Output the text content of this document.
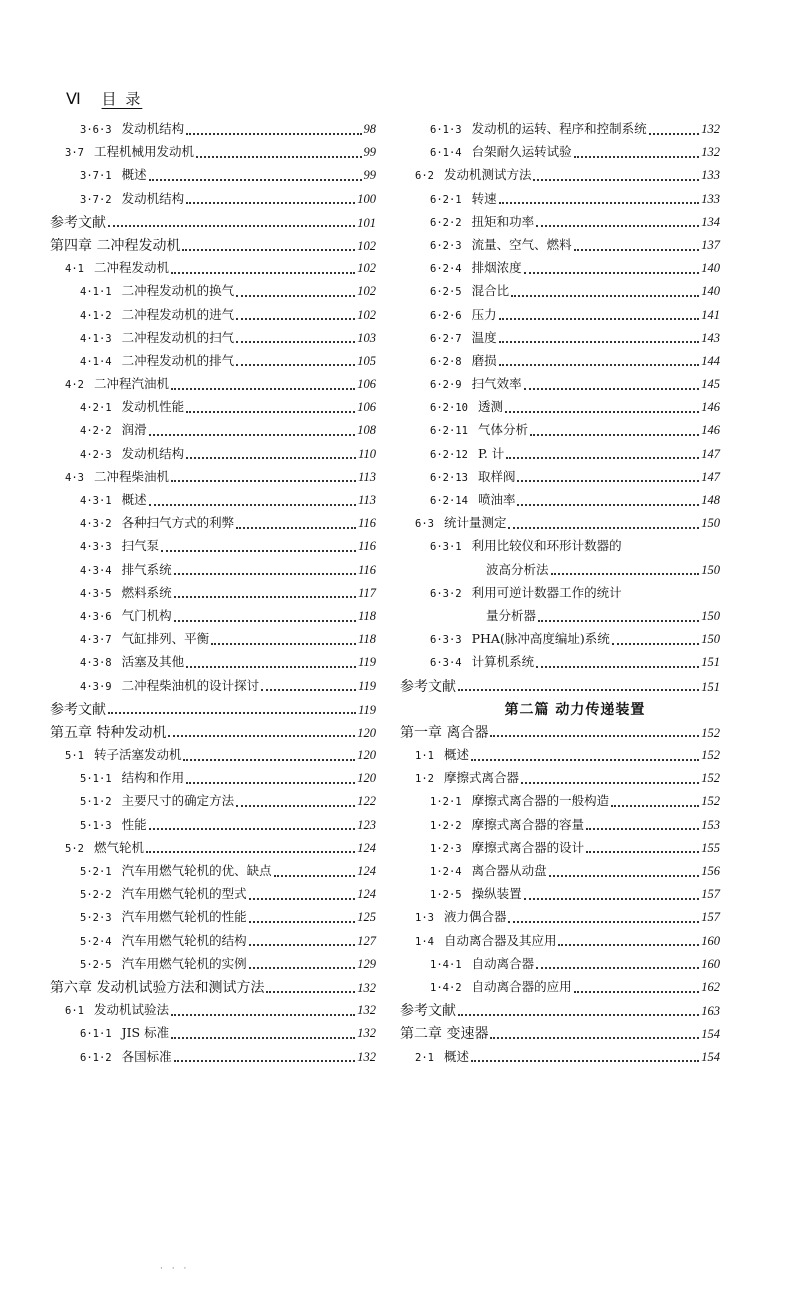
Ⅵ 目 录
3·6·3 发动机结构	98
3·7 工程机械用发动机	99
3·7·1 概述	99
3·7·2 发动机结构	100
参考文献	101
第四章 二冲程发动机	102
4·1 二冲程发动机	102
4·1·1 二冲程发动机的换气	102
4·1·2 二冲程发动机的进气	102
4·1·3 二冲程发动机的扫气	103
4·1·4 二冲程发动机的排气	105
4·2 二冲程汽油机	106
4·2·1 发动机性能	106
4·2·2 润滑	108
4·2·3 发动机结构	110
4·3 二冲程柴油机	113
4·3·1 概述	113
4·3·2 各种扫气方式的利弊	116
4·3·3 扫气泵	116
4·3·4 排气系统	116
4·3·5 燃料系统	117
4·3·6 气门机构	118
4·3·7 气缸排列、平衡	118
4·3·8 活塞及其他	119
4·3·9 二冲程柴油机的设计探讨	119
参考文献	119
第五章 特种发动机	120
5·1 转子活塞发动机	120
5·1·1 结构和作用	120
5·1·2 主要尺寸的确定方法	122
5·1·3 性能	123
5·2 燃气轮机	124
5·2·1 汽车用燃气轮机的优、缺点	124
5·2·2 汽车用燃气轮机的型式	124
5·2·3 汽车用燃气轮机的性能	125
5·2·4 汽车用燃气轮机的结构	127
5·2·5 汽车用燃气轮机的实例	129
第六章 发动机试验方法和测试方法	132
6·1 发动机试验法	132
6·1·1 JIS 标准	132
6·1·2 各国标准	132
6·1·3 发动机的运转、程序和控制系统	132
6·1·4 台架耐久运转试验	132
6·2 发动机测试方法	133
6·2·1 转速	133
6·2·2 扭矩和功率	134
6·2·3 流量、空气、燃料	137
6·2·4 排烟浓度	140
6·2·5 混合比	140
6·2·6 压力	141
6·2·7 温度	143
6·2·8 磨损	144
6·2·9 扫气效率	145
6·2·10 透测	146
6·2·11 气体分析	146
6·2·12 P. 计	147
6·2·13 取样阀	147
6·2·14 喷油率	148
6·3 统计量测定	150
6·3·1 利用比较仪和环形计数器的
波高分析法	150
6·3·2 利用可逆计数器工作的统计
量分析器	150
6·3·3 PHA(脉冲高度编址)系统	150
6·3·4 计算机系统	151
参考文献	151
第二篇 动力传递装置
第一章 离合器	152
1·1 概述	152
1·2 摩擦式离合器	152
1·2·1 摩擦式离合器的一般构造	152
1·2·2 摩擦式离合器的容量	153
1·2·3 摩擦式离合器的设计	155
1·2·4 离合器从动盘	156
1·2·5 操纵装置	157
1·3 液力偶合器	157
1·4 自动离合器及其应用	160
1·4·1 自动离合器	160
1·4·2 自动离合器的应用	162
参考文献	163
第二章 变速器	154
2·1 概述	154
· · ·
